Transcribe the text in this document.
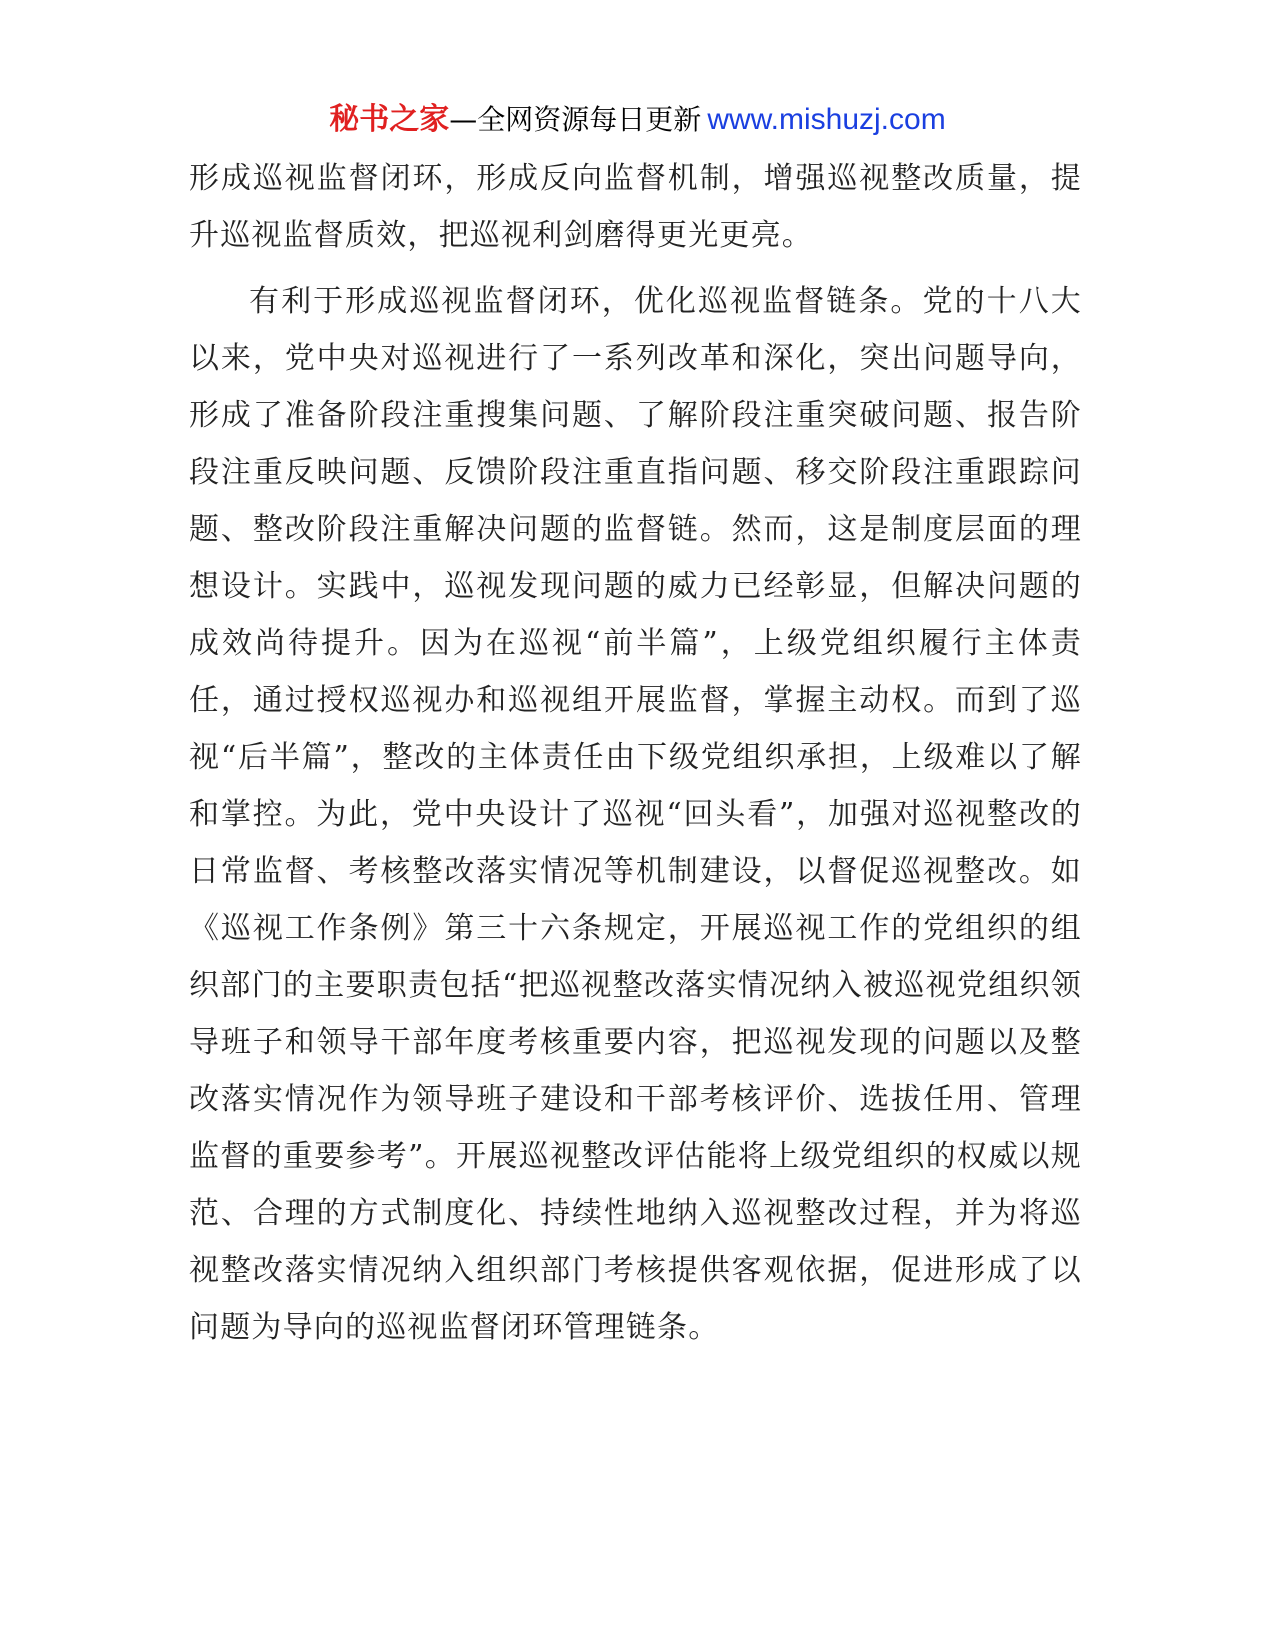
秘书之家—全网资源每日更新 www.mishuzj.com

形成巡视监督闭环，形成反向监督机制，增强巡视整改质量，提升巡视监督质效，把巡视利剑磨得更光更亮。

有利于形成巡视监督闭环，优化巡视监督链条。党的十八大以来，党中央对巡视进行了一系列改革和深化，突出问题导向，形成了准备阶段注重搜集问题、了解阶段注重突破问题、报告阶段注重反映问题、反馈阶段注重直指问题、移交阶段注重跟踪问题、整改阶段注重解决问题的监督链。然而，这是制度层面的理想设计。实践中，巡视发现问题的威力已经彰显，但解决问题的成效尚待提升。因为在巡视“前半篇”，上级党组织履行主体责任，通过授权巡视办和巡视组开展监督，掌握主动权。而到了巡视“后半篇”，整改的主体责任由下级党组织承担，上级难以了解和掌控。为此，党中央设计了巡视“回头看”，加强对巡视整改的日常监督、考核整改落实情况等机制建设，以督促巡视整改。如《巡视工作条例》第三十六条规定，开展巡视工作的党组织的组织部门的主要职责包括“把巡视整改落实情况纳入被巡视党组织领导班子和领导干部年度考核重要内容，把巡视发现的问题以及整改落实情况作为领导班子建设和干部考核评价、选拔任用、管理监督的重要参考”。开展巡视整改评估能将上级党组织的权威以规范、合理的方式制度化、持续性地纳入巡视整改过程，并为将巡视整改落实情况纳入组织部门考核提供客观依据，促进形成了以问题为导向的巡视监督闭环管理链条。
